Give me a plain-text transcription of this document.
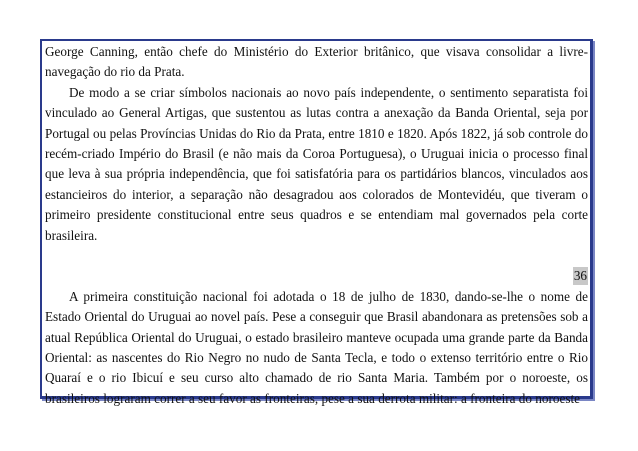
George Canning, então chefe do Ministério do Exterior britânico, que visava consolidar a livre-navegação do rio da Prata.

De modo a se criar símbolos nacionais ao novo país independente, o sentimento separatista foi vinculado ao General Artigas, que sustentou as lutas contra a anexação da Banda Oriental, seja por Portugal ou pelas Províncias Unidas do Rio da Prata, entre 1810 e 1820. Após 1822, já sob controle do recém-criado Império do Brasil (e não mais da Coroa Portuguesa), o Uruguai inicia o processo final que leva à sua própria independência, que foi satisfatória para os partidários blancos, vinculados aos estancieiros do interior, a separação não desagradou aos colorados de Montevidéu, que tiveram o primeiro presidente constitucional entre seus quadros e se entendiam mal governados pela corte brasileira.

36

A primeira constituição nacional foi adotada o 18 de julho de 1830, dando-se-lhe o nome de Estado Oriental do Uruguai ao novel país. Pese a conseguir que Brasil abandonara as pretensões sob a atual República Oriental do Uruguai, o estado brasileiro manteve ocupada uma grande parte da Banda Oriental: as nascentes do Rio Negro no nudo de Santa Tecla, e todo o extenso território entre o Rio Quaraí e o rio Ibicuí e seu curso alto chamado de rio Santa Maria. Também por o noroeste, os brasileiros lograram correr a seu favor as fronteiras, pese a sua derrota militar: a fronteira do noroeste
